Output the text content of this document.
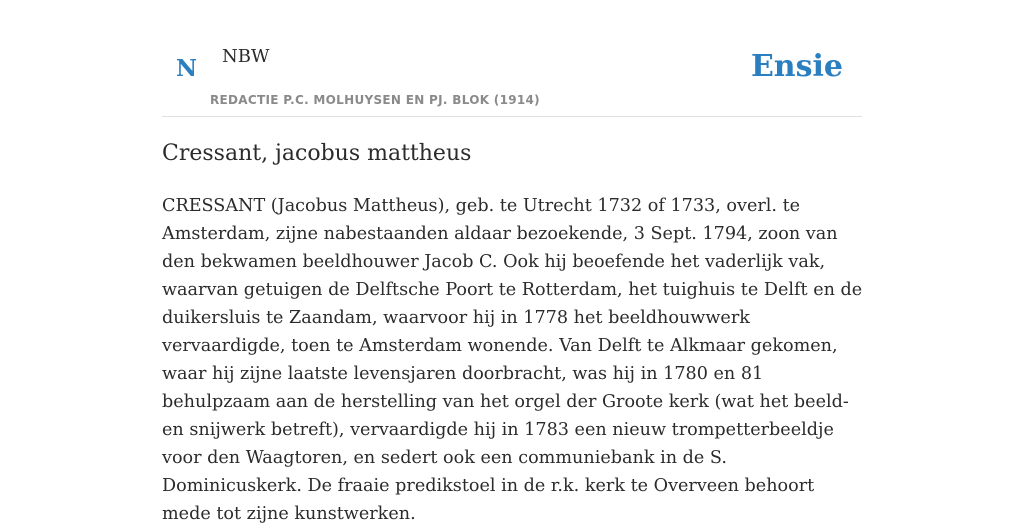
N NBW
REDACTIE P.C. MOLHUYSEN EN PJ. BLOK (1914)
Ensie
Cressant, jacobus mattheus

CRESSANT (Jacobus Mattheus), geb. te Utrecht 1732 of 1733, overl. te Amsterdam, zijne nabestaanden aldaar bezoekende, 3 Sept. 1794, zoon van den bekwamen beeldhouwer Jacob C. Ook hij beoefende het vaderlijk vak, waarvan getuigen de Delftsche Poort te Rotterdam, het tuighuis te Delft en de duikersluis te Zaandam, waarvoor hij in 1778 het beeldhouwwerk vervaardigde, toen te Amsterdam wonende. Van Delft te Alkmaar gekomen, waar hij zijne laatste levensjaren doorbracht, was hij in 1780 en 81 behulpzaam aan de herstelling van het orgel der Groote kerk (wat het beeld- en snijwerk betreft), vervaardigde hij in 1783 een nieuw trompetterbeeldje voor den Waagtoren, en sedert ook een communiebank in de S. Dominicuskerk. De fraaie predikstoel in de r.k. kerk te Overveen behoort mede tot zijne kunstwerken.
